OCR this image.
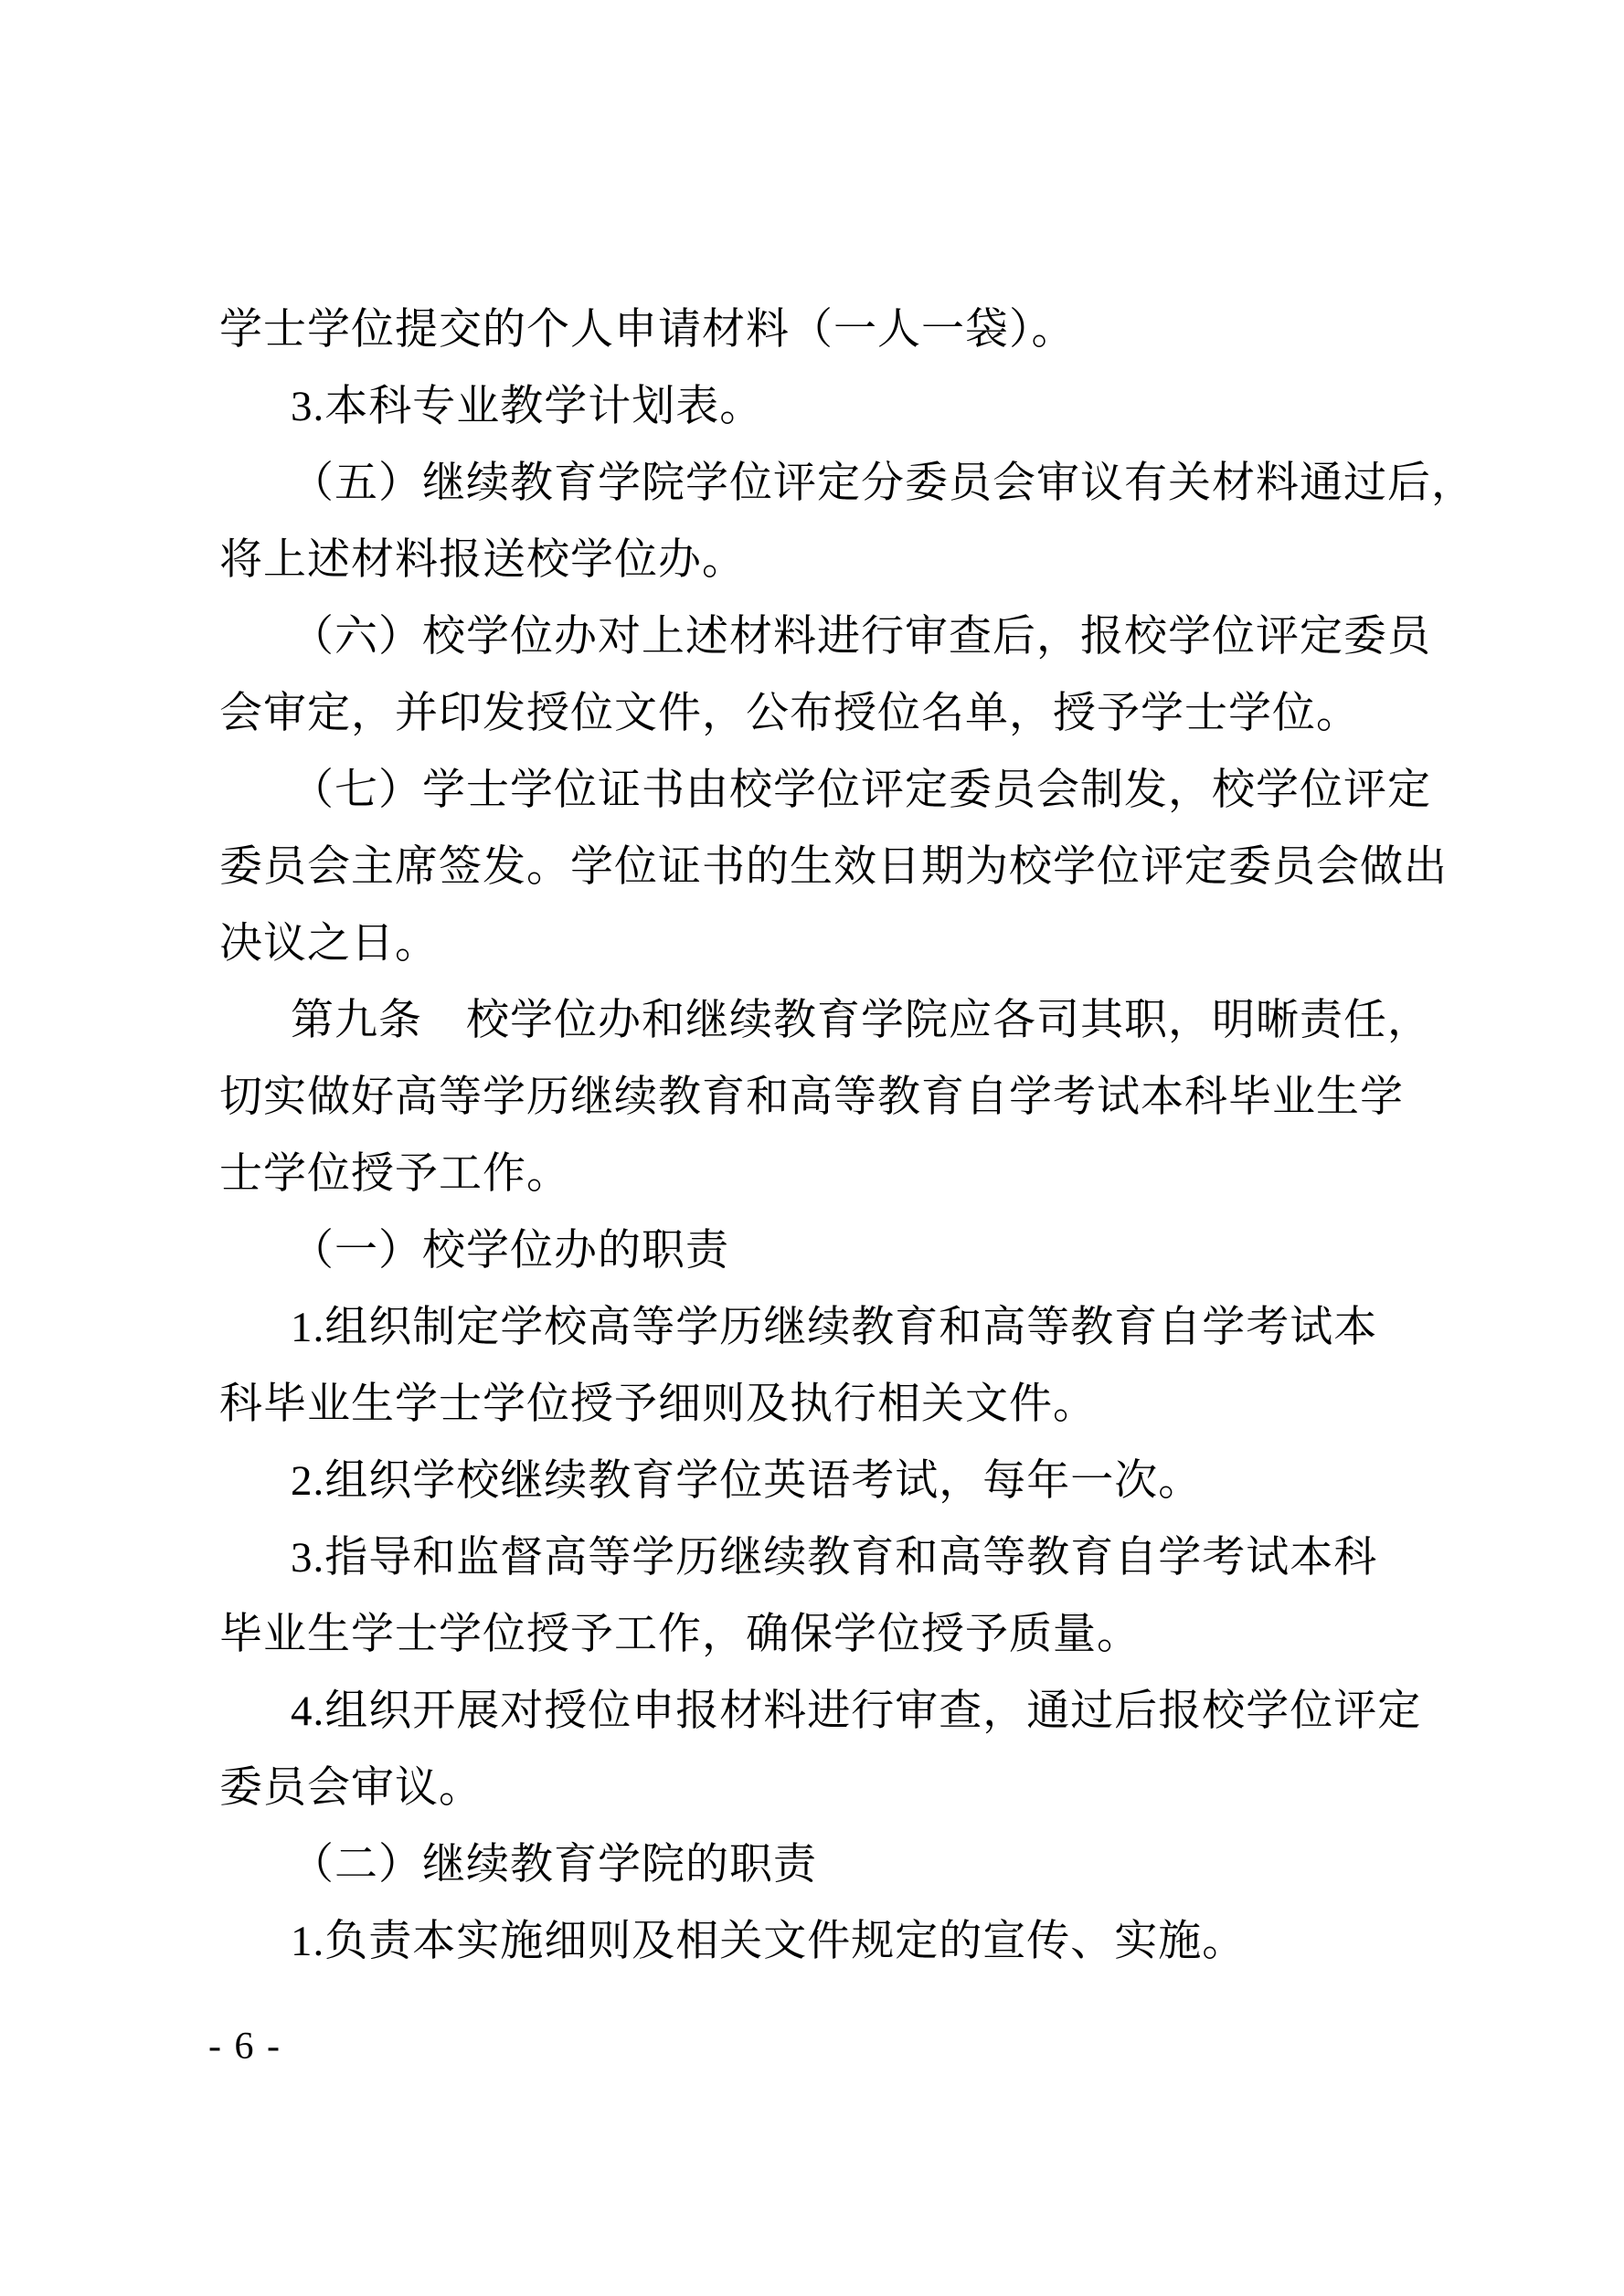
学士学位提交的个人申请材料（一人一袋）。
3.本科专业教学计划表。
（五）继续教育学院学位评定分委员会审议有关材料通过后，
将上述材料报送校学位办。
（六）校学位办对上述材料进行审查后，报校学位评定委员
会审定，并印发授位文件，公布授位名单，授予学士学位。
（七）学士学位证书由校学位评定委员会制发，校学位评定
委员会主席签发。学位证书的生效日期为校学位评定委员会做出
决议之日。
第九条　校学位办和继续教育学院应各司其职，明晰责任，
切实做好高等学历继续教育和高等教育自学考试本科毕业生学
士学位授予工作。
（一）校学位办的职责
1.组织制定学校高等学历继续教育和高等教育自学考试本
科毕业生学士学位授予细则及执行相关文件。
2.组织学校继续教育学位英语考试，每年一次。
3.指导和监督高等学历继续教育和高等教育自学考试本科
毕业生学士学位授予工作，确保学位授予质量。
4.组织开展对授位申报材料进行审查，通过后报校学位评定
委员会审议。
（二）继续教育学院的职责
1.负责本实施细则及相关文件规定的宣传、实施。
- 6 -
